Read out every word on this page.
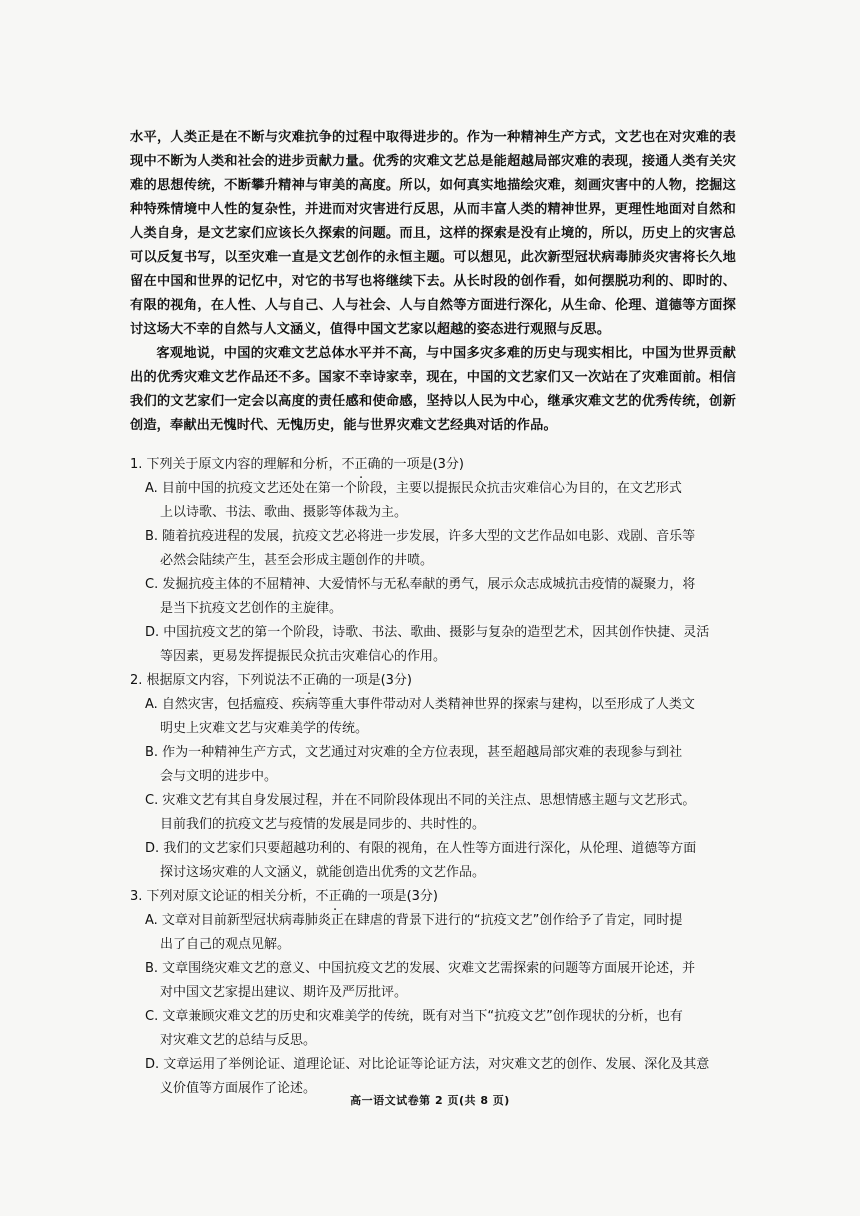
水平，人类正是在不断与灾难抗争的过程中取得进步的。作为一种精神生产方式，文艺也在对灾难的表现中不断为人类和社会的进步贡献力量。优秀的灾难文艺总是能超越局部灾难的表现，接通人类有关灾难的思想传统，不断攀升精神与审美的高度。所以，如何真实地描绘灾难，刻画灾害中的人物，挖掘这种特殊情境中人性的复杂性，并进而对灾害进行反思，从而丰富人类的精神世界，更理性地面对自然和人类自身，是文艺家们应该长久探索的问题。而且，这样的探索是没有止境的，所以，历史上的灾害总可以反复书写，以至灾难一直是文艺创作的永恒主题。可以想见，此次新型冠状病毒肺炎灾害将长久地留在中国和世界的记忆中，对它的书写也将继续下去。从长时段的创作看，如何摆脱功利的、即时的、有限的视角，在人性、人与自己、人与社会、人与自然等方面进行深化，从生命、伦理、道德等方面探讨这场大不幸的自然与人文涵义，值得中国文艺家以超越的姿态进行观照与反思。

客观地说，中国的灾难文艺总体水平并不高，与中国多灾多难的历史与现实相比，中国为世界贡献出的优秀灾难文艺作品还不多。国家不幸诗家幸，现在，中国的文艺家们又一次站在了灾难面前。相信我们的文艺家们一定会以高度的责任感和使命感，坚持以人民为中心，继承灾难文艺的优秀传统，创新创造，奉献出无愧时代、无愧历史，能与世界灾难文艺经典对话的作品。

1. 下列关于原文内容的理解和分析，不正确的一项是(3分)
A. 目前中国的抗疫文艺还处在第一个阶段，主要以提振民众抗击灾难信心为目的，在文艺形式
上以诗歌、书法、歌曲、摄影等体裁为主。
B. 随着抗疫进程的发展，抗疫文艺必将进一步发展，许多大型的文艺作品如电影、戏剧、音乐等
必然会陆续产生，甚至会形成主题创作的井喷。
C. 发掘抗疫主体的不屈精神、大爱情怀与无私奉献的勇气，展示众志成城抗击疫情的凝聚力，将
是当下抗疫文艺创作的主旋律。
D. 中国抗疫文艺的第一个阶段，诗歌、书法、歌曲、摄影与复杂的造型艺术，因其创作快捷、灵活
等因素，更易发挥提振民众抗击灾难信心的作用。
2. 根据原文内容，下列说法不正确的一项是(3分)
A. 自然灾害，包括瘟疫、疾病等重大事件带动对人类精神世界的探索与建构，以至形成了人类文
明史上灾难文艺与灾难美学的传统。
B. 作为一种精神生产方式，文艺通过对灾难的全方位表现，甚至超越局部灾难的表现参与到社
会与文明的进步中。
C. 灾难文艺有其自身发展过程，并在不同阶段体现出不同的关注点、思想情感主题与文艺形式。
目前我们的抗疫文艺与疫情的发展是同步的、共时性的。
D. 我们的文艺家们只要超越功利的、有限的视角，在人性等方面进行深化，从伦理、道德等方面
探讨这场灾难的人文涵义，就能创造出优秀的文艺作品。
3. 下列对原文论证的相关分析，不正确的一项是(3分)
A. 文章对目前新型冠状病毒肺炎正在肆虐的背景下进行的“抗疫文艺”创作给予了肯定，同时提
出了自己的观点见解。
B. 文章围绕灾难文艺的意义、中国抗疫文艺的发展、灾难文艺需探索的问题等方面展开论述，并
对中国文艺家提出建议、期许及严厉批评。
C. 文章兼顾灾难文艺的历史和灾难美学的传统，既有对当下“抗疫文艺”创作现状的分析，也有
对灾难文艺的总结与反思。
D. 文章运用了举例论证、道理论证、对比论证等论证方法，对灾难文艺的创作、发展、深化及其意
义价值等方面展作了论述。
高一语文试卷第 2 页(共 8 页)
